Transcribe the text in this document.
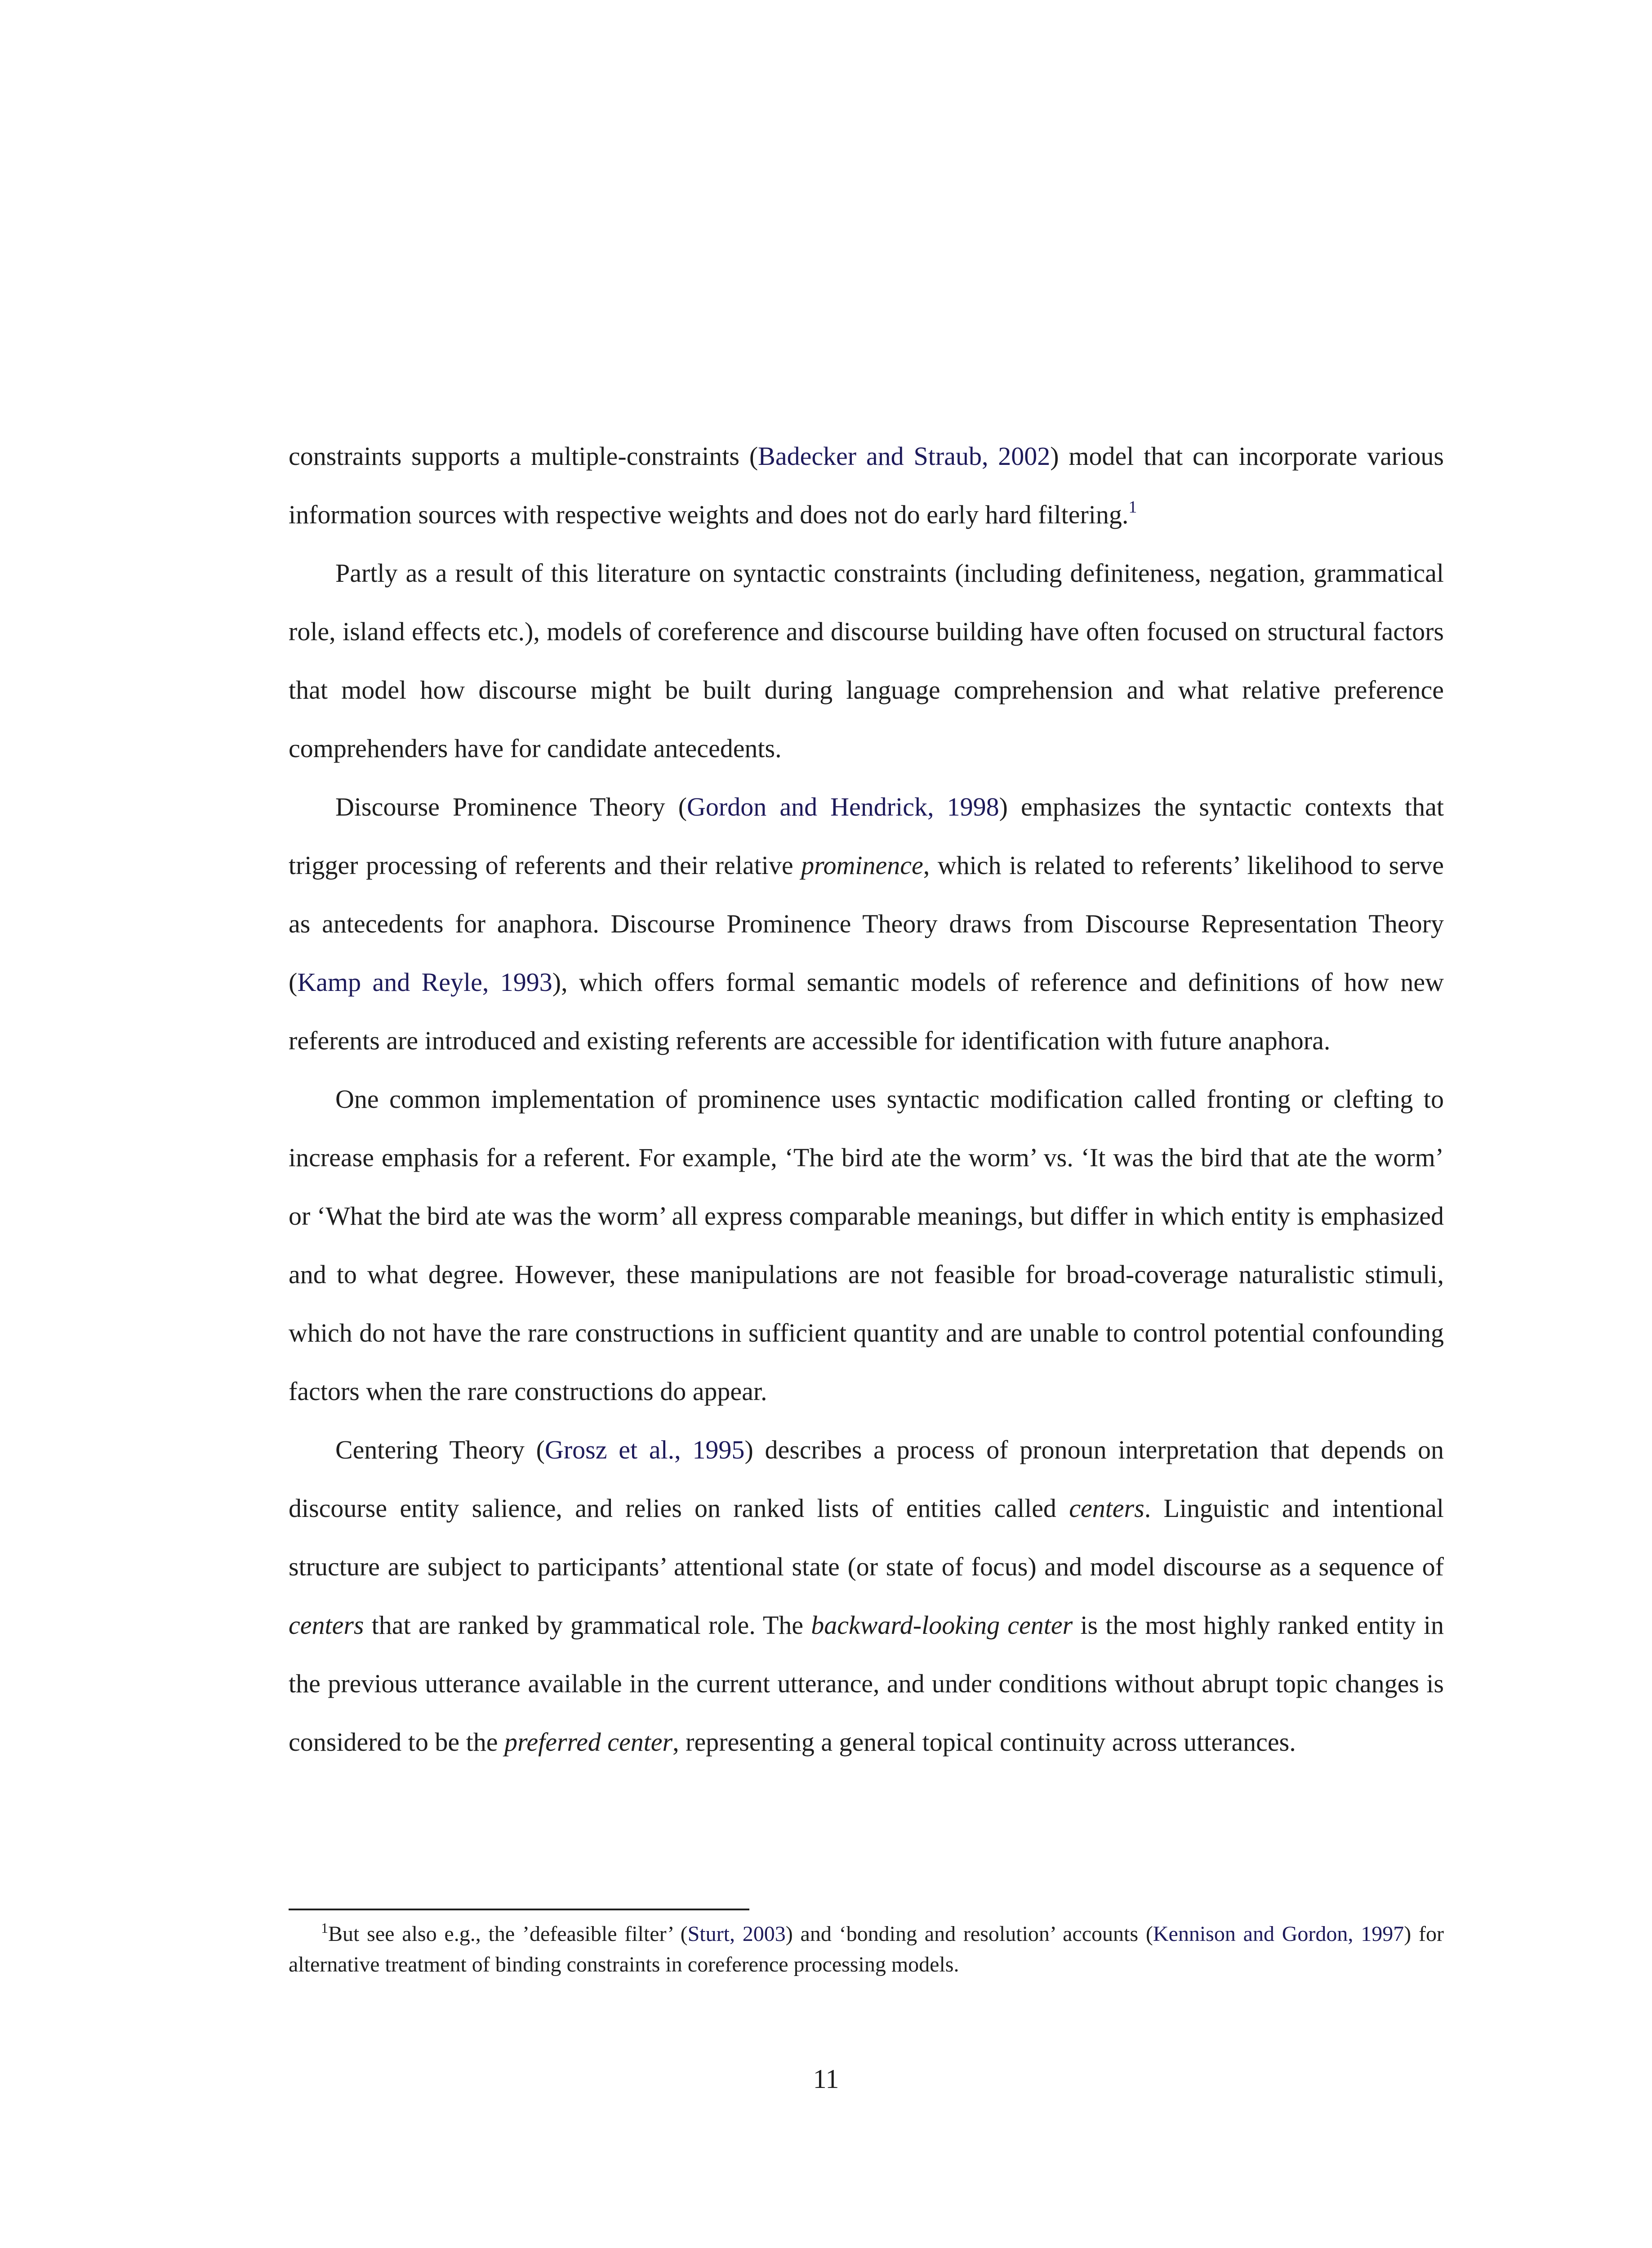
constraints supports a multiple-constraints (Badecker and Straub, 2002) model that can incorporate various information sources with respective weights and does not do early hard filtering.$^1$

Partly as a result of this literature on syntactic constraints (including definiteness, negation, grammatical role, island effects etc.), models of coreference and discourse building have often focused on structural factors that model how discourse might be built during language comprehension and what relative preference comprehenders have for candidate antecedents.

Discourse Prominence Theory (Gordon and Hendrick, 1998) emphasizes the syntactic contexts that trigger processing of referents and their relative prominence, which is related to referents’ likelihood to serve as antecedents for anaphora. Discourse Prominence Theory draws from Discourse Representation Theory (Kamp and Reyle, 1993), which offers formal semantic models of reference and definitions of how new referents are introduced and existing referents are accessible for identification with future anaphora.

One common implementation of prominence uses syntactic modification called fronting or clefting to increase emphasis for a referent. For example, ‘The bird ate the worm’ vs. ‘It was the bird that ate the worm’ or ‘What the bird ate was the worm’ all express comparable meanings, but differ in which entity is emphasized and to what degree. However, these manipulations are not feasible for broad-coverage naturalistic stimuli, which do not have the rare constructions in sufficient quantity and are unable to control potential confounding factors when the rare constructions do appear.

Centering Theory (Grosz et al., 1995) describes a process of pronoun interpretation that depends on discourse entity salience, and relies on ranked lists of entities called centers. Linguistic and intentional structure are subject to participants’ attentional state (or state of focus) and model discourse as a sequence of centers that are ranked by grammatical role. The backward-looking center is the most highly ranked entity in the previous utterance available in the current utterance, and under conditions without abrupt topic changes is considered to be the preferred center, representing a general topical continuity across utterances.

$^1$But see also e.g., the ’defeasible filter’ (Sturt, 2003) and ‘bonding and resolution’ accounts (Kennison and Gordon, 1997) for alternative treatment of binding constraints in coreference processing models.
11
